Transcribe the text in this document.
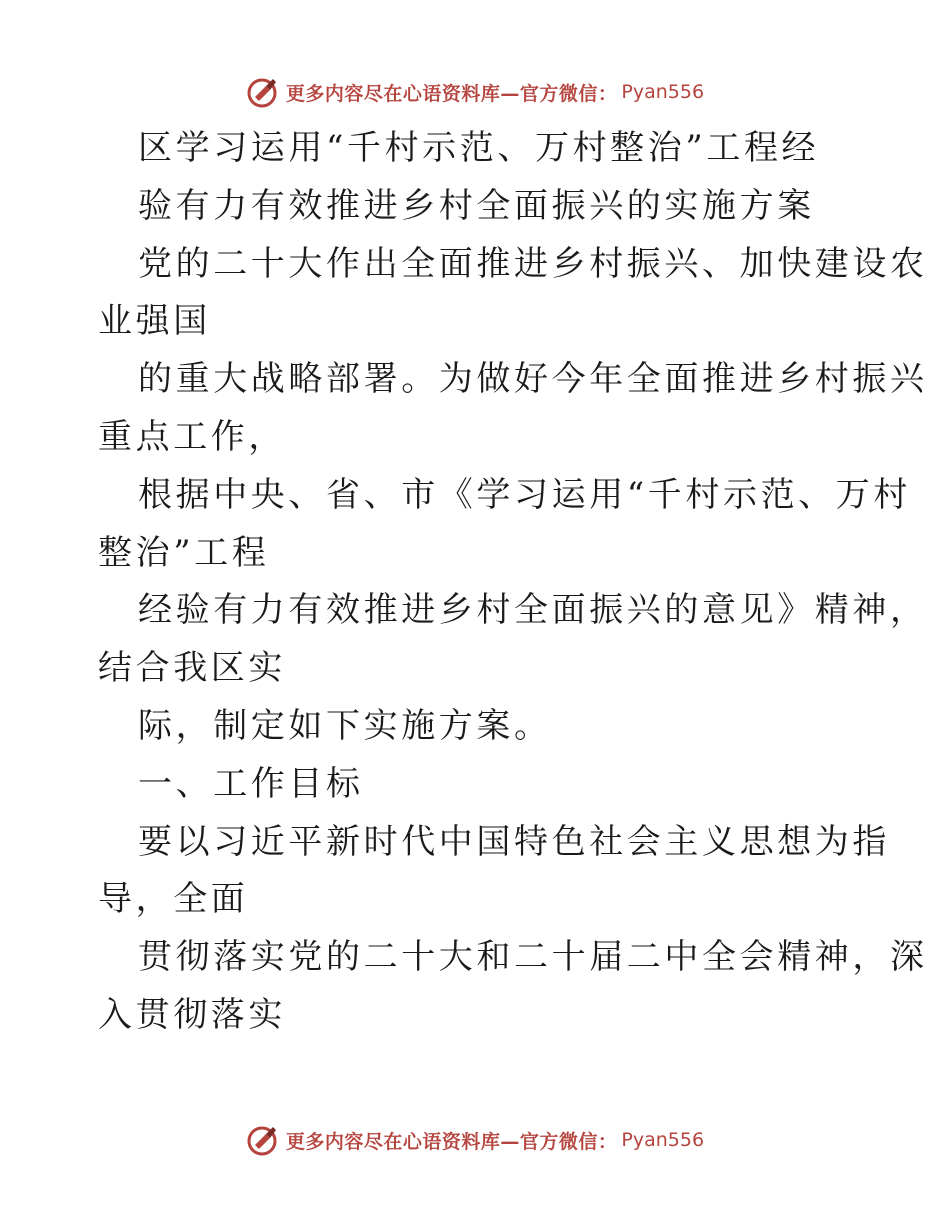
更多内容尽在心语资料库—官方微信： Pyan556
区学习运用“千村示范、万村整治”工程经
验有力有效推进乡村全面振兴的实施方案
党的二十大作出全面推进乡村振兴、加快建设农
业强国
的重大战略部署。为做好今年全面推进乡村振兴
重点工作，
根据中央、省、市《学习运用“千村示范、万村
整治”工程
经验有力有效推进乡村全面振兴的意见》精神，
结合我区实
际，制定如下实施方案。
一、工作目标
要以习近平新时代中国特色社会主义思想为指
导，全面
贯彻落实党的二十大和二十届二中全会精神，深
入贯彻落实
更多内容尽在心语资料库—官方微信： Pyan556
